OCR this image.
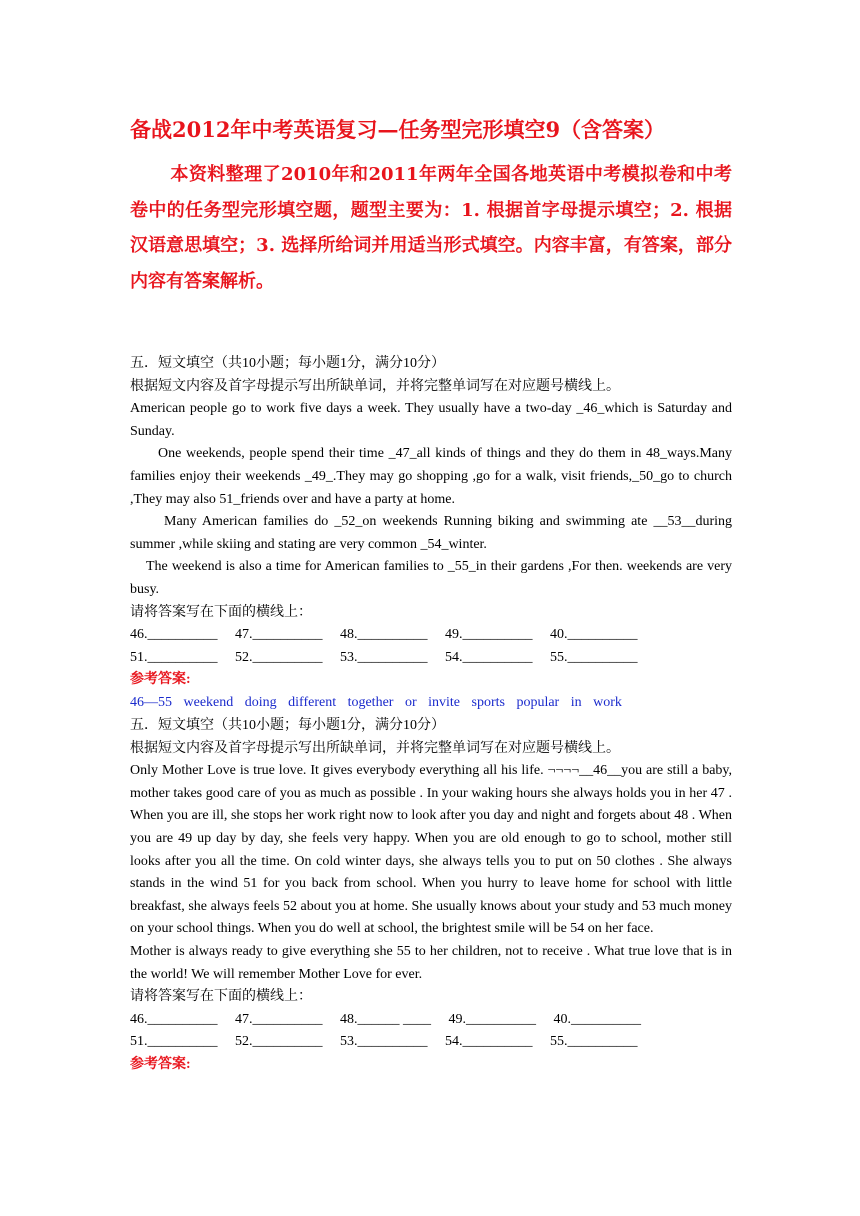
备战2012年中考英语复习—任务型完形填空9（含答案）
本资料整理了2010年和2011年两年全国各地英语中考模拟卷和中考卷中的任务型完形填空题，题型主要为：1. 根据首字母提示填空；2. 根据汉语意思填空；3. 选择所给词并用适当形式填空。内容丰富，有答案，部分内容有答案解析。

五．短文填空（共10小题；每小题1分，满分10分）

根据短文内容及首字母提示写出所缺单词，并将完整单词写在对应题号横线上。

American people go to work five days a week. They usually have a two-day _46_which is Saturday and Sunday.

One weekends, people spend their time _47_all kinds of things and they do them in 48_ways.Many families enjoy their weekends _49_.They may go shopping ,go for a walk, visit friends,_50_go to church ,They may also 51_friends over and have a party at home.

Many American families do _52_on weekends Running biking and swimming ate __53__during summer ,while skiing and stating are very common _54_winter.

The weekend is also a time for American families to _55_in their gardens ,For then. weekends are very busy.

请将答案写在下面的横线上：

46.__________     47.__________     48.__________     49.__________     40.__________

51.__________     52.__________     53.__________     54.__________     55.__________

参考答案:

46—55 weekend doing different together or invite sports popular in work

五．短文填空（共10小题；每小题1分，满分10分）

根据短文内容及首字母提示写出所缺单词，并将完整单词写在对应题号横线上。

Only Mother Love is true love. It gives everybody everything all his life. ¬¬¬¬__46__you are still a baby, mother takes good care of you as much as possible . In your waking hours she always holds you in her 47 . When you are ill, she stops her work right now to look after you day and night and forgets about 48 . When you are 49 up day by day, she feels very happy. When you are old enough to go to school, mother still looks after you all the time. On cold winter days, she always tells you to put on 50 clothes . She always stands in the wind 51 for you back from school. When you hurry to leave home for school with little breakfast, she always feels 52 about you at home. She usually knows about your study and 53 much money on your school things. When you do well at school, the brightest smile will be 54 on her face.

Mother is always ready to give everything she 55 to her children, not to receive . What true love that is in the world! We will remember Mother Love for ever.

请将答案写在下面的横线上：

46.__________     47.__________     48.______ ____     49.__________     40.__________

51.__________     52.__________     53.__________     54.__________     55.__________

参考答案:
